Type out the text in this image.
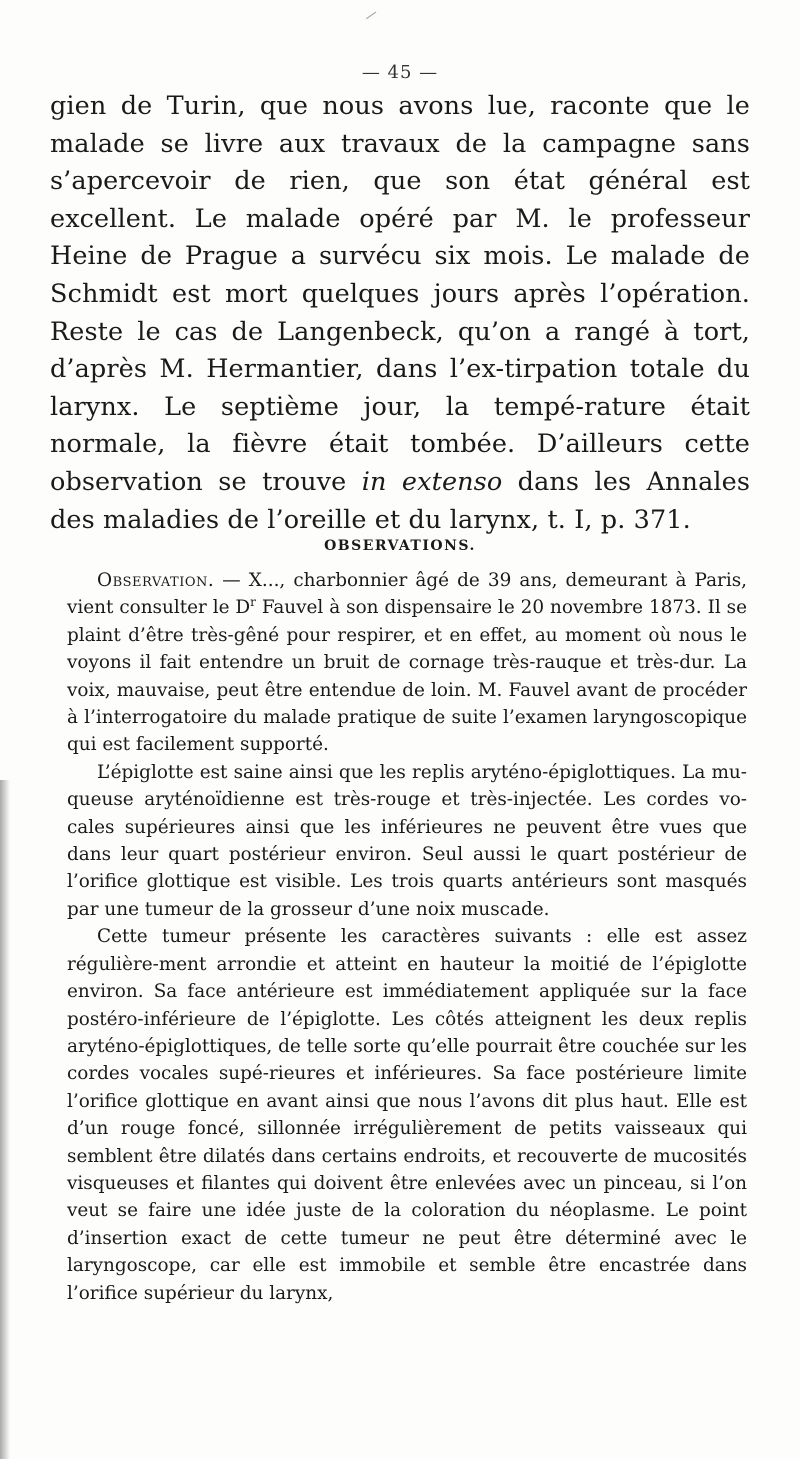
— 45 —

gien de Turin, que nous avons lue, raconte que le malade se livre aux travaux de la campagne sans s’apercevoir de rien, que son état général est excellent. Le malade opéré par M. le professeur Heine de Prague a survécu six mois. Le malade de Schmidt est mort quelques jours après l’opération. Reste le cas de Langenbeck, qu’on a rangé à tort, d’après M. Hermantier, dans l’ex-tirpation totale du larynx. Le septième jour, la tempé-rature était normale, la fièvre était tombée. D’ailleurs cette observation se trouve in extenso dans les Annales des maladies de l’oreille et du larynx, t. I, p. 371.

OBSERVATIONS.

Observation. — X..., charbonnier âgé de 39 ans, demeurant à Paris, vient consulter le $D^r$ Fauvel à son dispensaire le 20 novembre 1873. Il se plaint d’être très-gêné pour respirer, et en effet, au moment où nous le voyons il fait entendre un bruit de cornage très-rauque et très-dur. La voix, mauvaise, peut être entendue de loin. M. Fauvel avant de procéder à l’interrogatoire du malade pratique de suite l’examen laryngoscopique qui est facilement supporté.

L’épiglotte est saine ainsi que les replis aryténo-épiglottiques. La mu-queuse aryténoïdienne est très-rouge et très-injectée. Les cordes vo-cales supérieures ainsi que les inférieures ne peuvent être vues que dans leur quart postérieur environ. Seul aussi le quart postérieur de l’orifice glottique est visible. Les trois quarts antérieurs sont masqués par une tumeur de la grosseur d’une noix muscade.

Cette tumeur présente les caractères suivants : elle est assez régulière-ment arrondie et atteint en hauteur la moitié de l’épiglotte environ. Sa face antérieure est immédiatement appliquée sur la face postéro-inférieure de l’épiglotte. Les côtés atteignent les deux replis aryténo-épiglottiques, de telle sorte qu’elle pourrait être couchée sur les cordes vocales supé-rieures et inférieures. Sa face postérieure limite l’orifice glottique en avant ainsi que nous l’avons dit plus haut. Elle est d’un rouge foncé, sillonnée irrégulièrement de petits vaisseaux qui semblent être dilatés dans certains endroits, et recouverte de mucosités visqueuses et filantes qui doivent être enlevées avec un pinceau, si l’on veut se faire une idée juste de la coloration du néoplasme. Le point d’insertion exact de cette tumeur ne peut être déterminé avec le laryngoscope, car elle est immobile et semble être encastrée dans l’orifice supérieur du larynx,
